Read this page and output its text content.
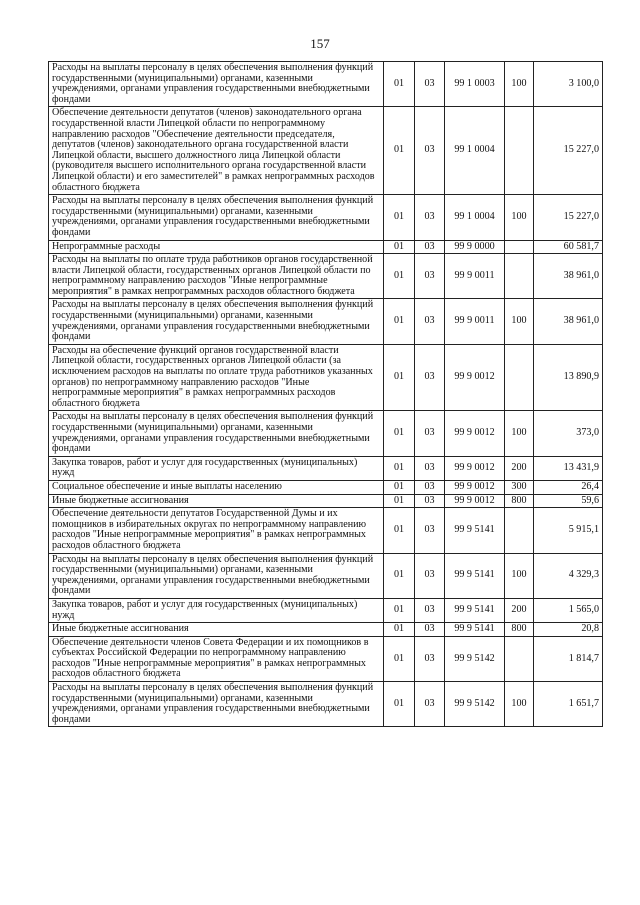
157
Расходы на выплаты персоналу в целях обеспечения выполнения функций государственными (муниципальными) органами, казенными учреждениями, органами управления государственными внебюджетными фондами	01	03	99 1 0003	100	3 100,0
Обеспечение деятельности депутатов (членов) законодательного органа государственной власти Липецкой области по непрограммному направлению расходов "Обеспечение деятельности председателя, депутатов (членов) законодательного органа государственной власти Липецкой области, высшего должностного лица Липецкой области (руководителя высшего исполнительного органа государственной власти Липецкой области) и его заместителей" в рамках непрограммных расходов областного бюджета	01	03	99 1 0004		15 227,0
Расходы на выплаты персоналу в целях обеспечения выполнения функций государственными (муниципальными) органами, казенными учреждениями, органами управления государственными внебюджетными фондами	01	03	99 1 0004	100	15 227,0
Непрограммные расходы	01	03	99 9 0000		60 581,7
Расходы на выплаты по оплате труда работников органов государственной власти Липецкой области, государственных органов Липецкой области по непрограммному направлению расходов "Иные непрограммные мероприятия" в рамках непрограммных расходов областного бюджета	01	03	99 9 0011		38 961,0
Расходы на выплаты персоналу в целях обеспечения выполнения функций государственными (муниципальными) органами, казенными учреждениями, органами управления государственными внебюджетными фондами	01	03	99 9 0011	100	38 961,0
Расходы на обеспечение функций органов государственной власти Липецкой области, государственных органов Липецкой области (за исключением расходов на выплаты по оплате труда работников указанных органов) по непрограммному направлению расходов "Иные непрограммные мероприятия" в рамках непрограммных расходов областного бюджета	01	03	99 9 0012		13 890,9
Расходы на выплаты персоналу в целях обеспечения выполнения функций государственными (муниципальными) органами, казенными учреждениями, органами управления государственными внебюджетными фондами	01	03	99 9 0012	100	373,0
Закупка товаров, работ и услуг для государственных (муниципальных) нужд	01	03	99 9 0012	200	13 431,9
Социальное обеспечение и иные выплаты населению	01	03	99 9 0012	300	26,4
Иные бюджетные ассигнования	01	03	99 9 0012	800	59,6
Обеспечение деятельности депутатов Государственной Думы и их помощников в избирательных округах по непрограммному направлению расходов "Иные непрограммные мероприятия" в рамках непрограммных расходов областного бюджета	01	03	99 9 5141		5 915,1
Расходы на выплаты персоналу в целях обеспечения выполнения функций государственными (муниципальными) органами, казенными учреждениями, органами управления государственными внебюджетными фондами	01	03	99 9 5141	100	4 329,3
Закупка товаров, работ и услуг для государственных (муниципальных) нужд	01	03	99 9 5141	200	1 565,0
Иные бюджетные ассигнования	01	03	99 9 5141	800	20,8
Обеспечение деятельности членов Совета Федерации и их помощников в субъектах Российской Федерации по непрограммному направлению расходов "Иные непрограммные мероприятия" в рамках непрограммных расходов областного бюджета	01	03	99 9 5142		1 814,7
Расходы на выплаты персоналу в целях обеспечения выполнения функций государственными (муниципальными) органами, казенными учреждениями, органами управления государственными внебюджетными фондами	01	03	99 9 5142	100	1 651,7
